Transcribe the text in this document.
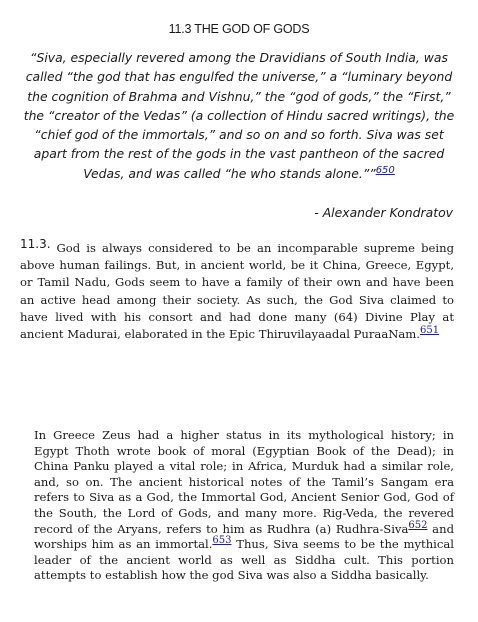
11.3 THE GOD OF GODS

“Siva, especially revered among the Dravidians of South India, was called “the god that has engulfed the universe,” a “luminary beyond the cognition of Brahma and Vishnu,” the “god of gods,” the “First,” the “creator of the Vedas” (a collection of Hindu sacred writings), the “chief god of the immortals,” and so on and so forth. Siva was set apart from the rest of the gods in the vast pantheon of the sacred Vedas, and was called “he who stands alone.””$^{650}$

- Alexander Kondratov

11.3. God is always considered to be an incomparable supreme being above human failings. But, in ancient world, be it China, Greece, Egypt, or Tamil Nadu, Gods seem to have a family of their own and have been an active head among their society. As such, the God Siva claimed to have lived with his consort and had done many (64) Divine Play at ancient Madurai, elaborated in the Epic Thiruvilayaadal PuraaNam.$^{651}$

In Greece Zeus had a higher status in its mythological history; in Egypt Thoth wrote book of moral (Egyptian Book of the Dead); in China Panku played a vital role; in Africa, Murduk had a similar role, and, so on. The ancient historical notes of the Tamil’s Sangam era refers to Siva as a God, the Immortal God, Ancient Senior God, God of the South, the Lord of Gods, and many more. Rig-Veda, the revered record of the Aryans, refers to him as Rudhra (a) Rudhra-Siva$^{652}$ and worships him as an immortal.$^{653}$ Thus, Siva seems to be the mythical leader of the ancient world as well as Siddha cult. This portion attempts to establish how the god Siva was also a Siddha basically.
